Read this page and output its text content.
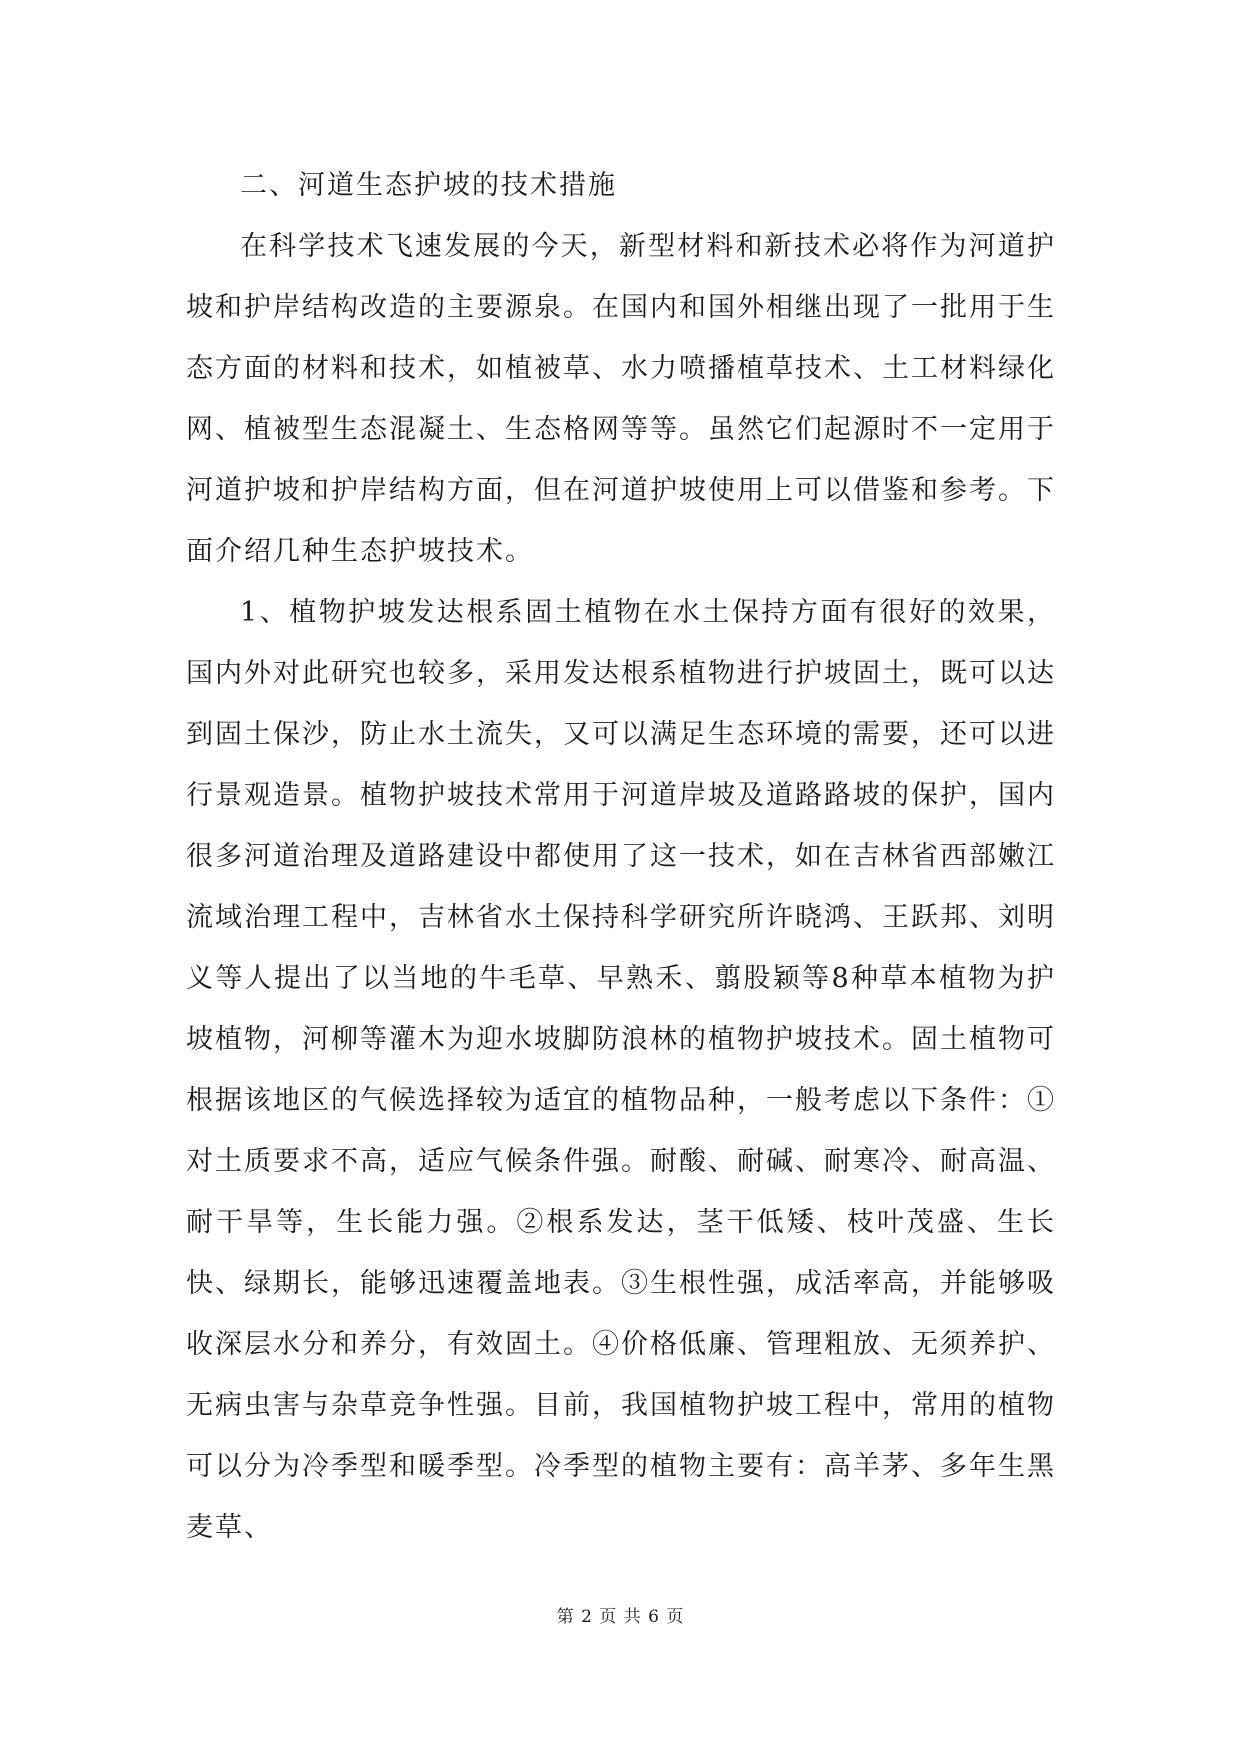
二、河道生态护坡的技术措施

在科学技术飞速发展的今天，新型材料和新技术必将作为河道护坡和护岸结构改造的主要源泉。在国内和国外相继出现了一批用于生态方面的材料和技术，如植被草、水力喷播植草技术、土工材料绿化网、植被型生态混凝土、生态格网等等。虽然它们起源时不一定用于河道护坡和护岸结构方面，但在河道护坡使用上可以借鉴和参考。下面介绍几种生态护坡技术。

1、植物护坡发达根系固土植物在水土保持方面有很好的效果，国内外对此研究也较多，采用发达根系植物进行护坡固土，既可以达到固土保沙，防止水土流失，又可以满足生态环境的需要，还可以进行景观造景。植物护坡技术常用于河道岸坡及道路路坡的保护，国内很多河道治理及道路建设中都使用了这一技术，如在吉林省西部嫩江流域治理工程中，吉林省水土保持科学研究所许晓鸿、王跃邦、刘明义等人提出了以当地的牛毛草、早熟禾、翦股颖等8种草本植物为护坡植物，河柳等灌木为迎水坡脚防浪林的植物护坡技术。固土植物可根据该地区的气候选择较为适宜的植物品种，一般考虑以下条件：①对土质要求不高，适应气候条件强。耐酸、耐碱、耐寒冷、耐高温、耐干旱等，生长能力强。②根系发达，茎干低矮、枝叶茂盛、生长快、绿期长，能够迅速覆盖地表。③生根性强，成活率高，并能够吸收深层水分和养分，有效固土。④价格低廉、管理粗放、无须养护、无病虫害与杂草竞争性强。目前，我国植物护坡工程中，常用的植物可以分为冷季型和暖季型。冷季型的植物主要有：高羊茅、多年生黑麦草、

第 2 页 共 6 页
